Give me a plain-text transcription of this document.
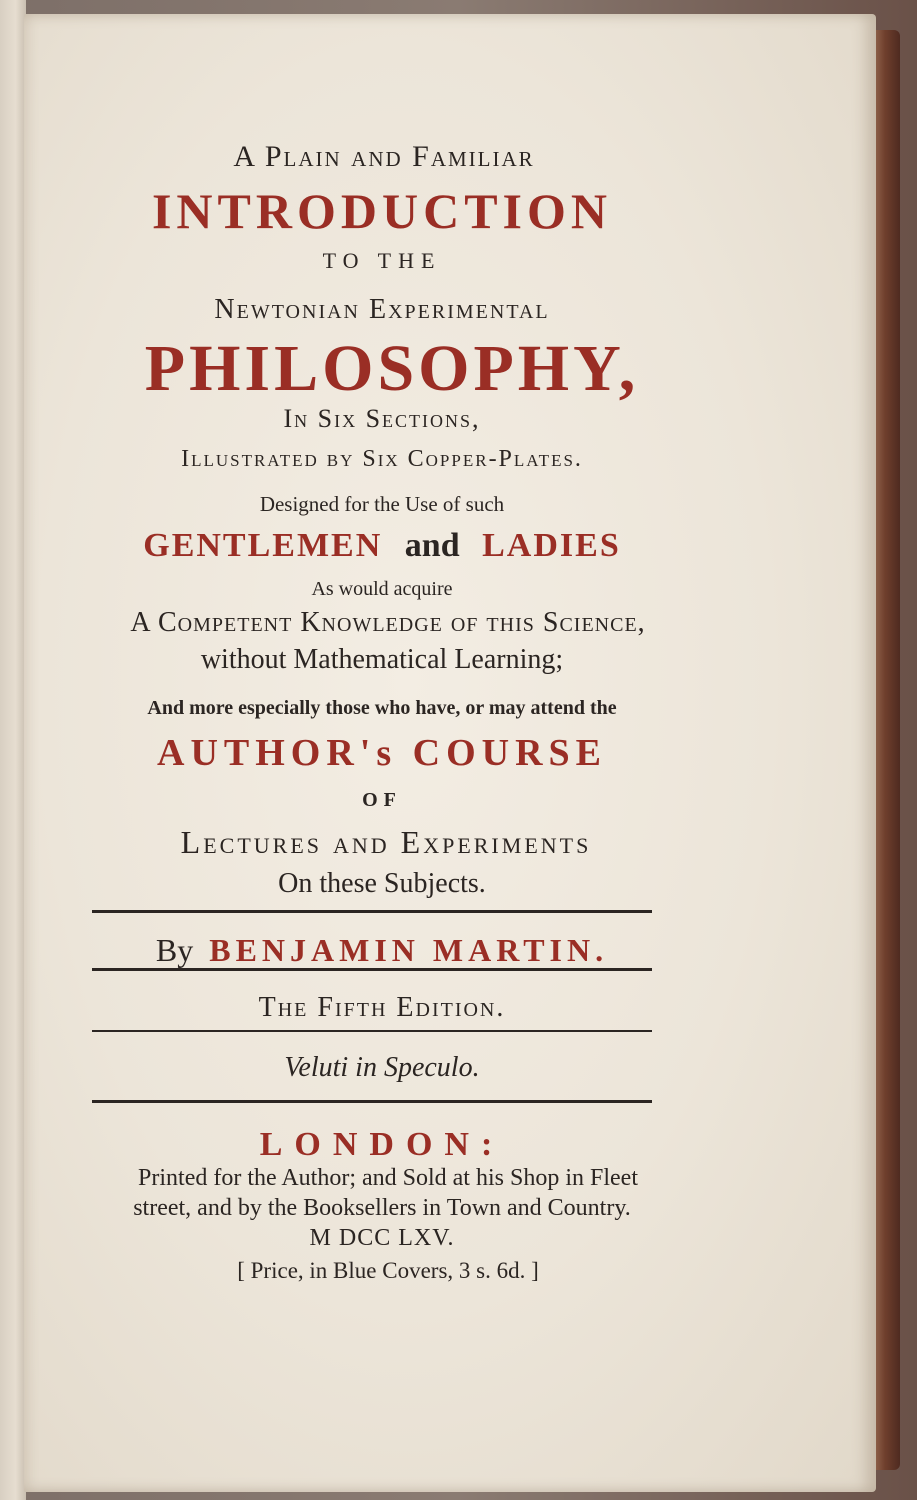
A Plain and Familiar
INTRODUCTION
TO THE
Newtonian Experimental
PHILOSOPHY,
In Six Sections,
Illustrated by Six Copper-Plates.
Designed for the Use of such
GENTLEMEN and LADIES
As would acquire
A Competent Knowledge of this Science,
without Mathematical Learning;
And more especially those who have, or may attend the
AUTHOR's COURSE
OF
Lectures and Experiments
On these Subjects.
By BENJAMIN MARTIN.
The Fifth Edition.
Veluti in Speculo.
LONDON:
Printed for the Author; and Sold at his Shop in Fleet
street, and by the Booksellers in Town and Country.
M DCC LXV.
[ Price, in Blue Covers, 3 s. 6d. ]
